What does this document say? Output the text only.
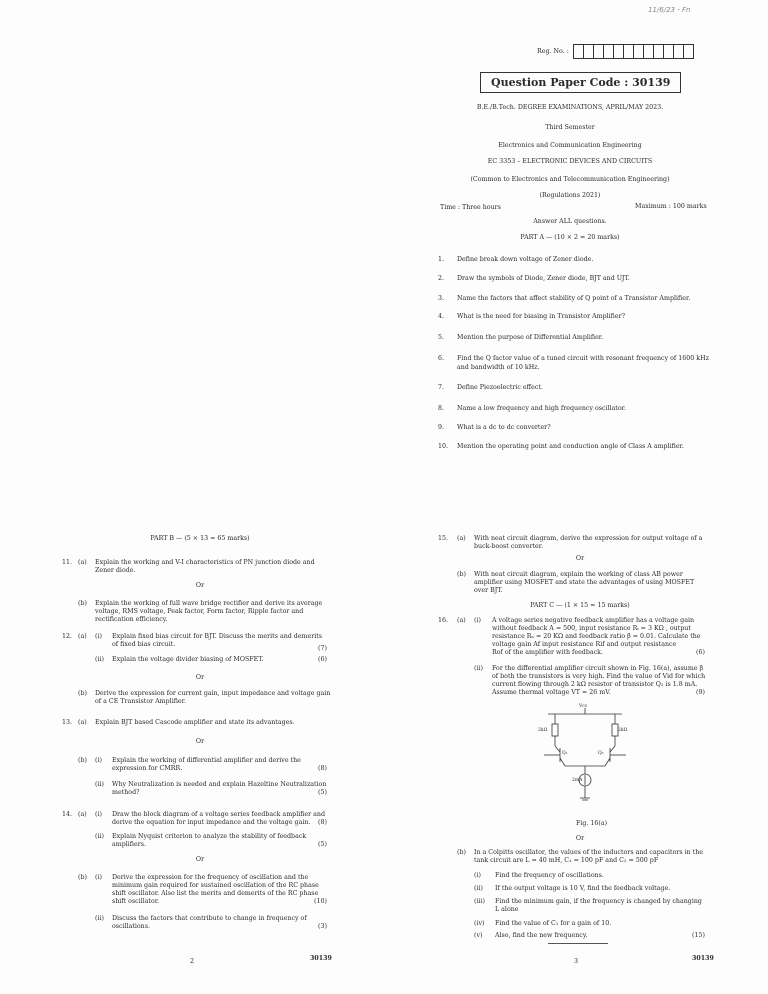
11/6/23 - Fn
Reg. No. :
Question Paper Code : 30139
B.E./B.Tech. DEGREE EXAMINATIONS, APRIL/MAY 2023.
Third Semester
Electronics and Communication Engineering
EC 3353 – ELECTRONIC DEVICES AND CIRCUITS
(Common to Electronics and Telecommunication Engineering)
(Regulations 2021)
Time : Three hours	Maximum : 100 marks
Answer ALL questions.
PART A — (10 × 2 = 20 marks)
1. Define break down voltage of Zener diode.
2. Draw the symbols of Diode, Zener diode, BJT and UJT.
3. Name the factors that affect stability of Q point of a Transistor Amplifier.
4. What is the need for biasing in Transistor Amplifier?
5. Mention the purpose of Differential Amplifier.
6. Find the Q factor value of a tuned circuit with resonant frequency of 1600 kHz
7. Define Piezoelectric effect.
8. Name a low frequency and high frequency oscillator.
9. What is a dc to dc converter?
10. Mention the operating point and conduction angle of Class A amplifier.
and bandwidth of 10 kHz.
PART B — (5 × 13 = 65 marks)
11. (a) Explain the working and V-I characteristics of PN junction diode and
Zener diode.
Or
(b) Explain the working of full wave bridge rectifier and derive its average
voltage, RMS voltage, Peak factor, Form factor, Ripple factor and
rectification efficiency.
12. (a) (i) Explain fixed bias circuit for BJT. Discuss the merits and demerits
of fixed bias circuit.
(7)
(ii) Explain the voltage divider biasing of MOSFET.	(6)
Or
(b) Derive the expression for current gain, input impedance and voltage gain
of a CE Transistor Amplifier.
13. (a) Explain BJT based Cascode amplifier and state its advantages.
Or
(b) (i) Explain the working of differential amplifier and derive the
expression for CMRR.	(8)
(ii) Why Neutralization is needed and explain Hazeltine Neutralization
method?	(5)
14. (a) (i) Draw the block diagram of a voltage series feedback amplifier and
derive the equation for input impedance and the voltage gain. (8)
(ii) Explain Nyquist criterion to analyze the stability of feedback
amplifiers.	(5)
Or
(b) (i) Derive the expression for the frequency of oscillation and the
minimum gain required for sustained oscillation of the RC phase
shift oscillator. Also list the merits and demerits of the RC phase
shift oscillator.	(10)
(ii) Discuss the factors that contribute to change in frequency of
oscillations.	(3)
2	30139
15. (a) With neat circuit diagram, derive the expression for output voltage of a
buck-boost converter.
Or
(b) With neat circuit diagram, explain the working of class AB power
amplifier using MOSFET and state the advantages of using MOSFET
over BJT.
PART C — (1 × 15 = 15 marks)
16. (a) (i) A voltage series negative feedback amplifier has a voltage gain
without feedback A = 500, input resistance Rᵢ = 3 KΩ , output
resistance Rₒ = 20 KΩ and feedback ratio β = 0.01. Calculate the
voltage gain Af input resistance Rif and output resistance
Rof of the amplifier with feedback.	(6)
(ii) For the differential amplifier circuit shown in Fig. 16(a), assume β
of both the transistors is very high. Find the value of Vid for which
current flowing through 2 kΩ resistor of transistor Q₂ is 1.8 mA.
Assume thermal voltage VT = 26 mV.	(9)
Vcc
2kΩ	2kΩ
Q₁	Q₂
2mA
Fig. 16(a)
Or
(b) In a Colpitts oscillator, the values of the inductors and capacitors in the
tank circuit are L = 40 mH, C₁ = 100 pF and C₂ = 500 pF
(i) Find the frequency of oscillations.
(ii) If the output voltage is 10 V, find the feedback voltage.
(iii) Find the minimum gain, if the frequency is changed by changing
L alone
(iv) Find the value of C₁ for a gain of 10.
(v) Also, find the new frequency.	(15)
3	30139
